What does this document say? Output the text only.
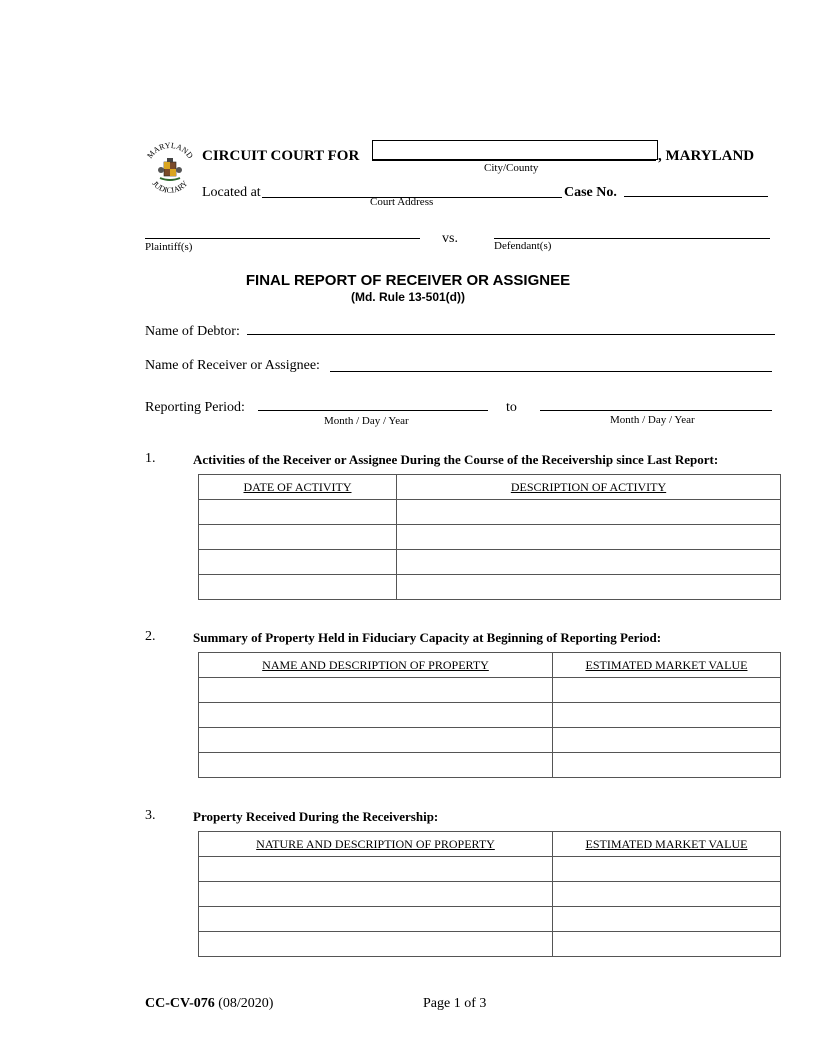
MARYLAND
JUDICIARY
CIRCUIT COURT FOR
City/County
, MARYLAND
Located at
Court Address
Case No.
Plaintiff(s)
vs.	Defendant(s)
FINAL REPORT OF RECEIVER OR ASSIGNEE
(Md. Rule 13-501(d))
Name of Debtor:
Name of Receiver or Assignee:
Reporting Period:
Month / Day / Year
to
Month / Day / Year
1.	Activities of the Receiver or Assignee During the Course of the Receivership since Last Report:
DATE OF ACTIVITY	DESCRIPTION OF ACTIVITY

2.	Summary of Property Held in Fiduciary Capacity at Beginning of Reporting Period:
NAME AND DESCRIPTION OF PROPERTY	ESTIMATED MARKET VALUE

3.	Property Received During the Receivership:
NATURE AND DESCRIPTION OF PROPERTY	ESTIMATED MARKET VALUE

CC-CV-076 (08/2020)	Page 1 of 3
